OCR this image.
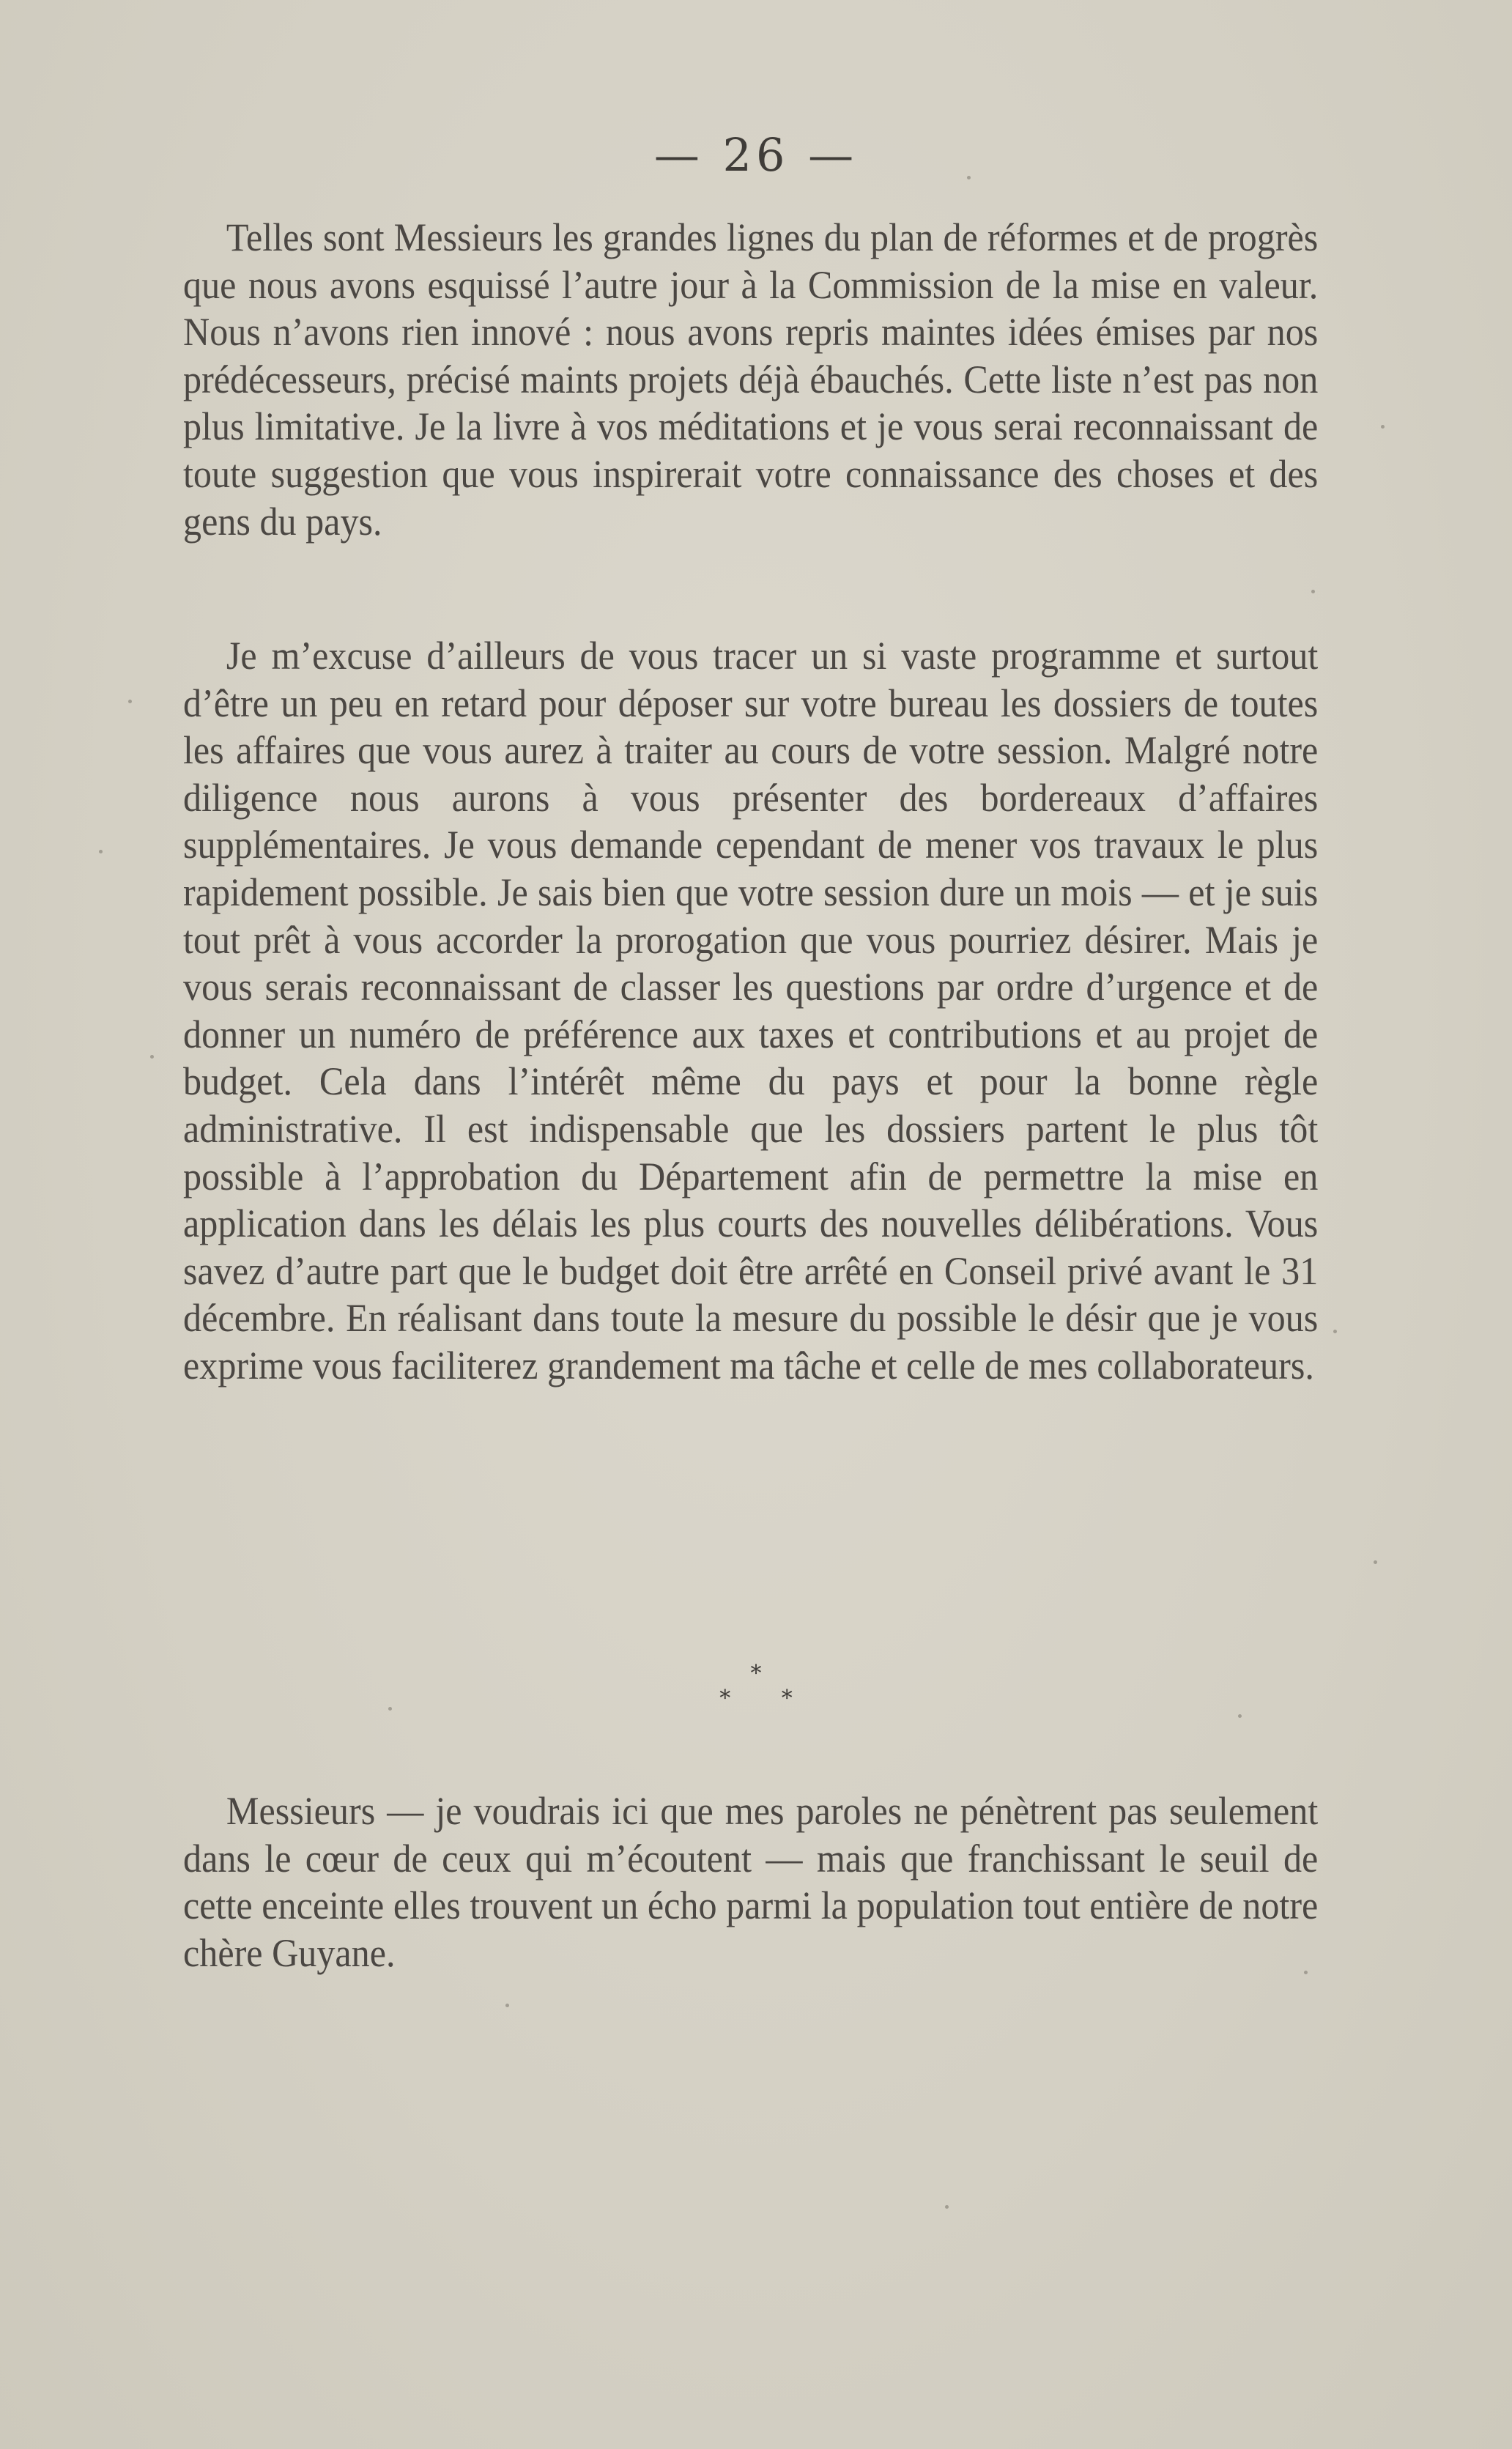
— 26 —

Telles sont Messieurs les grandes lignes du plan de réformes et de progrès que nous avons esquissé l’autre jour à la Commission de la mise en valeur. Nous n’avons rien innové : nous avons repris maintes idées émises par nos prédécesseurs, précisé maints projets déjà ébauchés. Cette liste n’est pas non plus limitative. Je la livre à vos méditations et je vous serai reconnaissant de toute suggestion que vous inspirerait votre connaissance des choses et des gens du pays.

Je m’excuse d’ailleurs de vous tracer un si vaste programme et surtout d’être un peu en retard pour déposer sur votre bureau les dossiers de toutes les affaires que vous aurez à traiter au cours de votre session. Malgré notre diligence nous aurons à vous présenter des bordereaux d’affaires supplémentaires. Je vous demande cependant de mener vos travaux le plus rapidement possible. Je sais bien que votre session dure un mois — et je suis tout prêt à vous accorder la prorogation que vous pourriez désirer. Mais je vous serais reconnaissant de classer les questions par ordre d’urgence et de donner un numéro de préférence aux taxes et contributions et au projet de budget. Cela dans l’intérêt même du pays et pour la bonne règle administrative. Il est indispensable que les dossiers partent le plus tôt possible à l’approbation du Département afin de permettre la mise en application dans les délais les plus courts des nouvelles délibérations. Vous savez d’autre part que le budget doit être arrêté en Conseil privé avant le 31 décembre. En réalisant dans toute la mesure du possible le désir que je vous exprime vous faciliterez grandement ma tâche et celle de mes collaborateurs.

*
* *

Messieurs — je voudrais ici que mes paroles ne pénètrent pas seulement dans le cœur de ceux qui m’écoutent — mais que franchissant le seuil de cette enceinte elles trouvent un écho parmi la population tout entière de notre chère Guyane.
